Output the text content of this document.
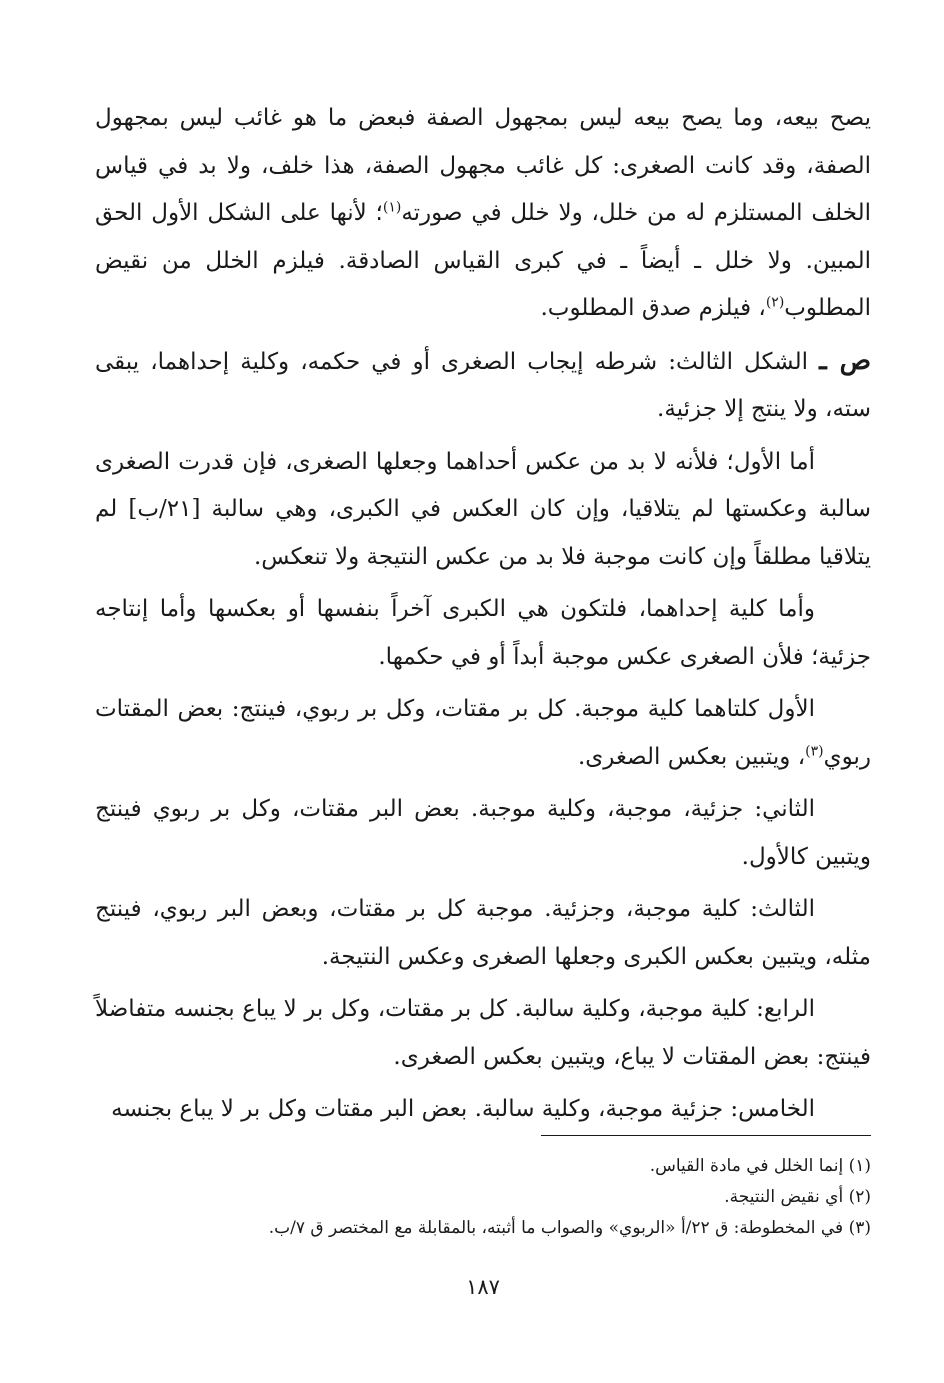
يصح بيعه، وما يصح بيعه ليس بمجهول الصفة فبعض ما هو غائب ليس بمجهول الصفة، وقد كانت الصغرى: كل غائب مجهول الصفة، هذا خلف، ولا بد في قياس الخلف المستلزم له من خلل، ولا خلل في صورته$^{(١)}$؛ لأنها على الشكل الأول الحق المبين. ولا خلل ـ أيضاً ـ في كبرى القياس الصادقة. فيلزم الخلل من نقيض المطلوب$^{(٢)}$، فيلزم صدق المطلوب.

ص ـ الشكل الثالث: شرطه إيجاب الصغرى أو في حكمه، وكلية إحداهما، يبقى سته، ولا ينتج إلا جزئية.

أما الأول؛ فلأنه لا بد من عكس أحداهما وجعلها الصغرى، فإن قدرت الصغرى سالبة وعكستها لم يتلاقيا، وإن كان العكس في الكبرى، وهي سالبة [٢١/ب] لم يتلاقيا مطلقاً وإن كانت موجبة فلا بد من عكس النتيجة ولا تنعكس.

وأما كلية إحداهما، فلتكون هي الكبرى آخراً بنفسها أو بعكسها وأما إنتاجه جزئية؛ فلأن الصغرى عكس موجبة أبداً أو في حكمها.

الأول كلتاهما كلية موجبة. كل بر مقتات، وكل بر ربوي، فينتج: بعض المقتات ربوي$^{(٣)}$، ويتبين بعكس الصغرى.

الثاني: جزئية، موجبة، وكلية موجبة. بعض البر مقتات، وكل بر ربوي فينتج ويتبين كالأول.

الثالث: كلية موجبة، وجزئية. موجبة كل بر مقتات، وبعض البر ربوي، فينتج مثله، ويتبين بعكس الكبرى وجعلها الصغرى وعكس النتيجة.

الرابع: كلية موجبة، وكلية سالبة. كل بر مقتات، وكل بر لا يباع بجنسه متفاضلاً فينتج: بعض المقتات لا يباع، ويتبين بعكس الصغرى.

الخامس: جزئية موجبة، وكلية سالبة. بعض البر مقتات وكل بر لا يباع بجنسه

(١) إنما الخلل في مادة القياس.

(٢) أي نقيض النتيجة.

(٣) في المخطوطة: ق ٢٢/أ «الربوي» والصواب ما أثبته، بالمقابلة مع المختصر ق ٧/ب.

١٨٧
